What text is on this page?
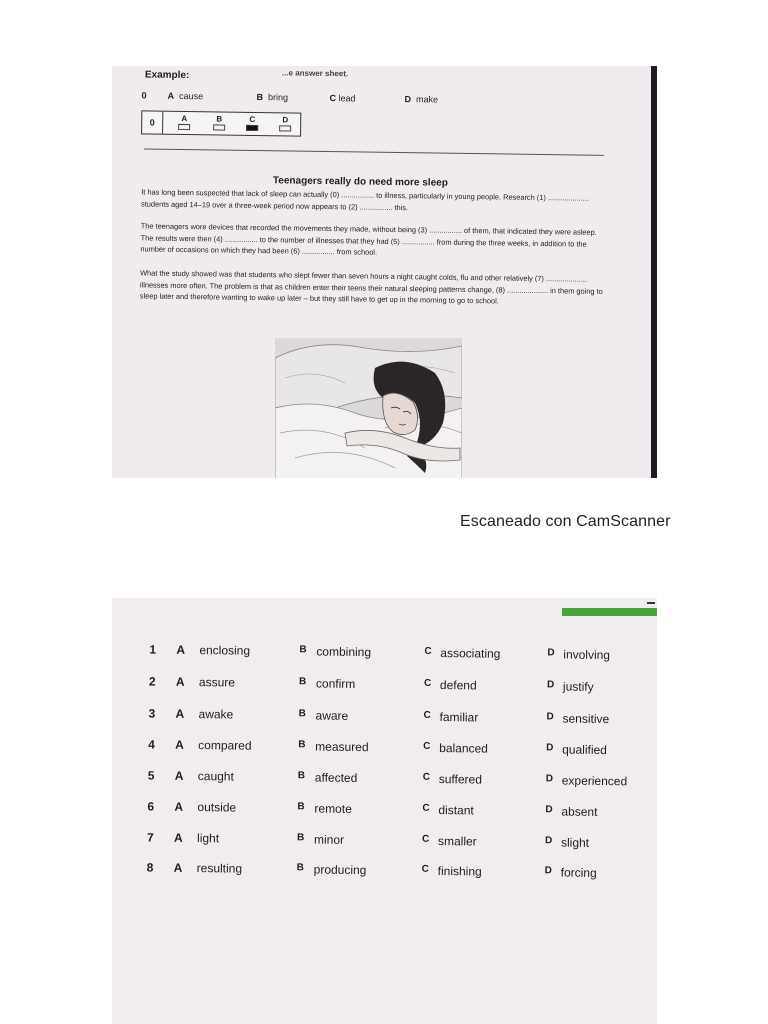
...e answer sheet.
Example:
0 A cause	B bring	C lead	D make
0	A	B	C	D
Teenagers really do need more sleep

It has long been suspected that lack of sleep can actually (0) ................ to illness, particularly in young people. Research (1) .................... students aged 14–19 over a three-week period now appears to (2) ................ this.

The teenagers wore devices that recorded the movements they made, without being (3) ................ of them, that indicated they were asleep. The results were then (4) ................ to the number of illnesses that they had (5) ................ from during the three weeks, in addition to the number of occasions on which they had been (6) ................ from school.

What the study showed was that students who slept fewer than seven hours a night caught colds, flu and other relatively (7) .................... illnesses more often. The problem is that as children enter their teens their natural sleeping patterns change, (8) .................... in them going to sleep later and therefore wanting to wake up later – but they still have to get up in the morning to go to school.

Escaneado con CamScanner
1 A enclosing	B combining	C associating	D involving
2 A assure	B confirm	C defend	D justify
3 A awake	B aware	C familiar	D sensitive
4 A compared	B measured	C balanced	D qualified
5 A caught	B affected	C suffered	D experienced
6 A outside	B remote	C distant	D absent
7 A light	B minor	C smaller	D slight
8 A resulting	B producing	C finishing	D forcing
